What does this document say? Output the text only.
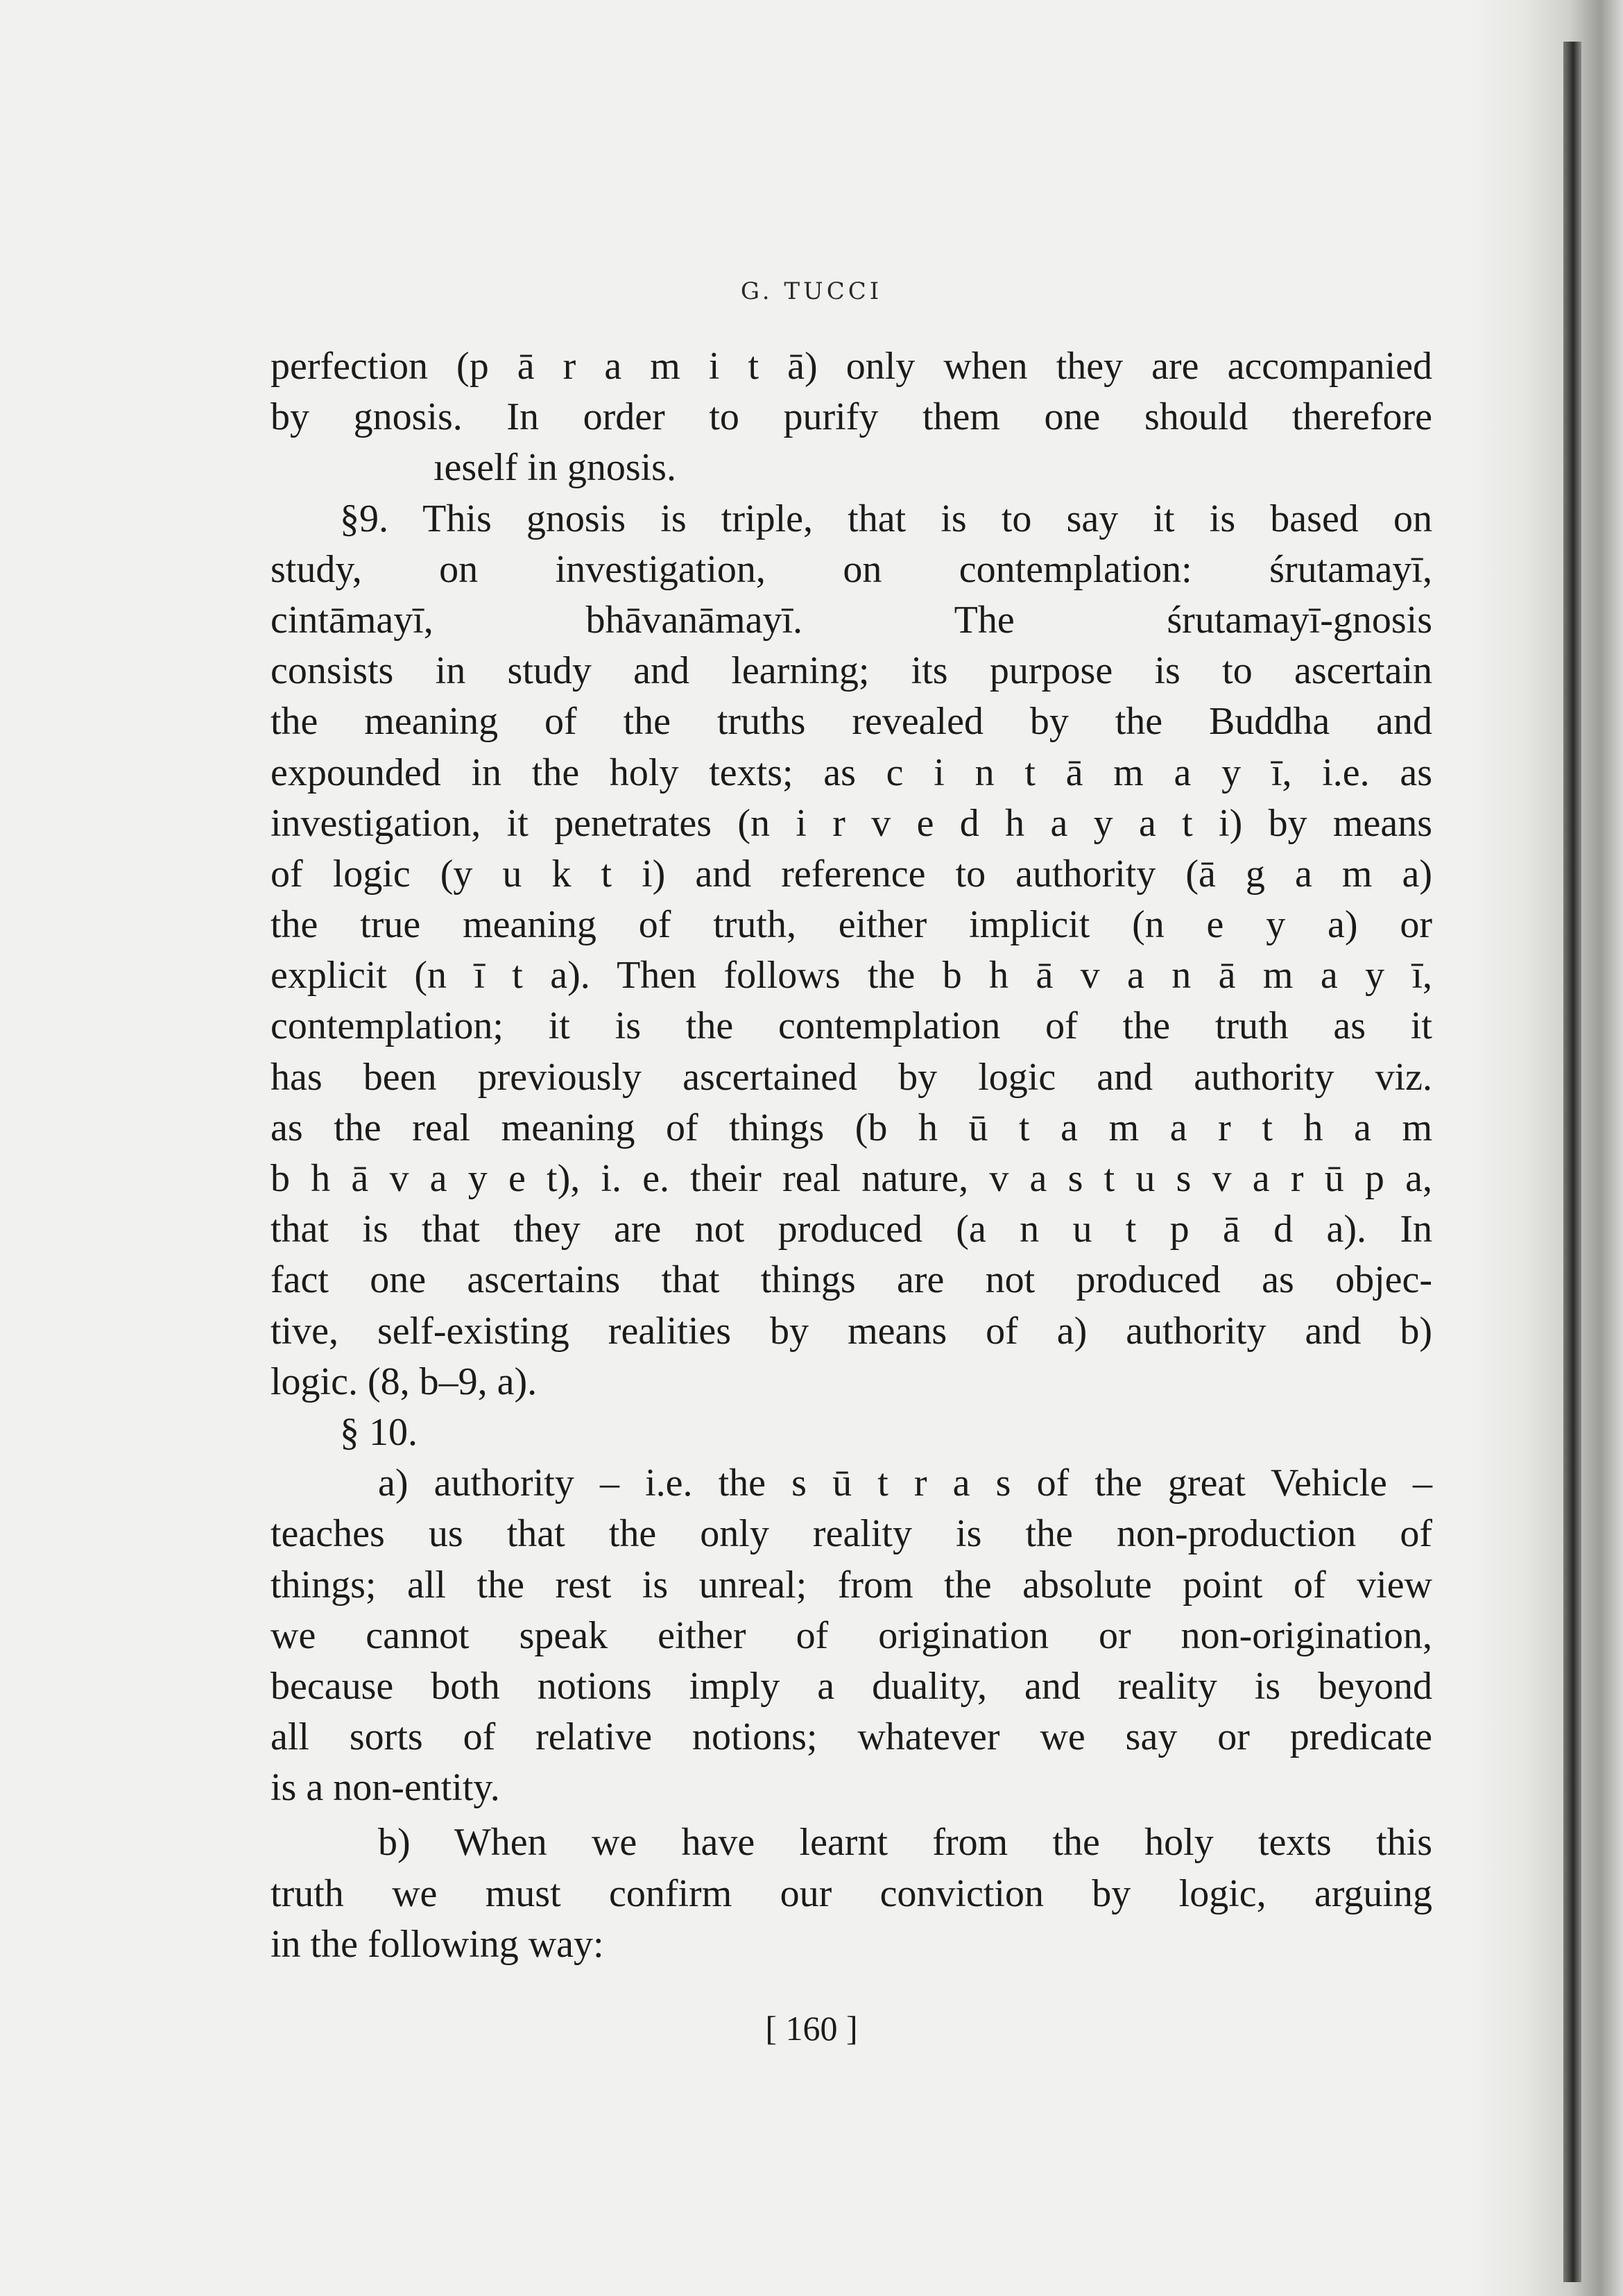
G. TUCCI
perfection (p ā r a m i t ā) only when they are accompanied
by gnosis. In order to purify them one should therefore
ıeself in gnosis.
§9. This gnosis is triple, that is to say it is based on
study, on investigation, on contemplation: śrutamayī,
cintāmayī, bhāvanāmayī. The śrutamayī-gnosis
consists in study and learning; its purpose is to ascertain
the meaning of the truths revealed by the Buddha and
expounded in the holy texts; as c i n t ā m a y ī, i.e. as
investigation, it penetrates (n i r v e d h a y a t i) by means
of logic (y u k t i) and reference to authority (ā g a m a)
the true meaning of truth, either implicit (n e y a) or
explicit (n ī t a). Then follows the b h ā v a n ā m a y ī,
contemplation; it is the contemplation of the truth as it
has been previously ascertained by logic and authority viz.
as the real meaning of things (b h ū t a m a r t h a m
b h ā v a y e t), i. e. their real nature, v a s t u s v a r ū p a,
that is that they are not produced (a n u t p ā d a). In
fact one ascertains that things are not produced as objec-
tive, self-existing realities by means of a) authority and b)
logic. (8, b–9, a).
§ 10.
a) authority – i.e. the s ū t r a s of the great Vehicle –
teaches us that the only reality is the non-production of
things; all the rest is unreal; from the absolute point of view
we cannot speak either of origination or non-origination,
because both notions imply a duality, and reality is beyond
all sorts of relative notions; whatever we say or predicate
is a non-entity.
b) When we have learnt from the holy texts this
truth we must confirm our conviction by logic, arguing
in the following way:
[ 160 ]
